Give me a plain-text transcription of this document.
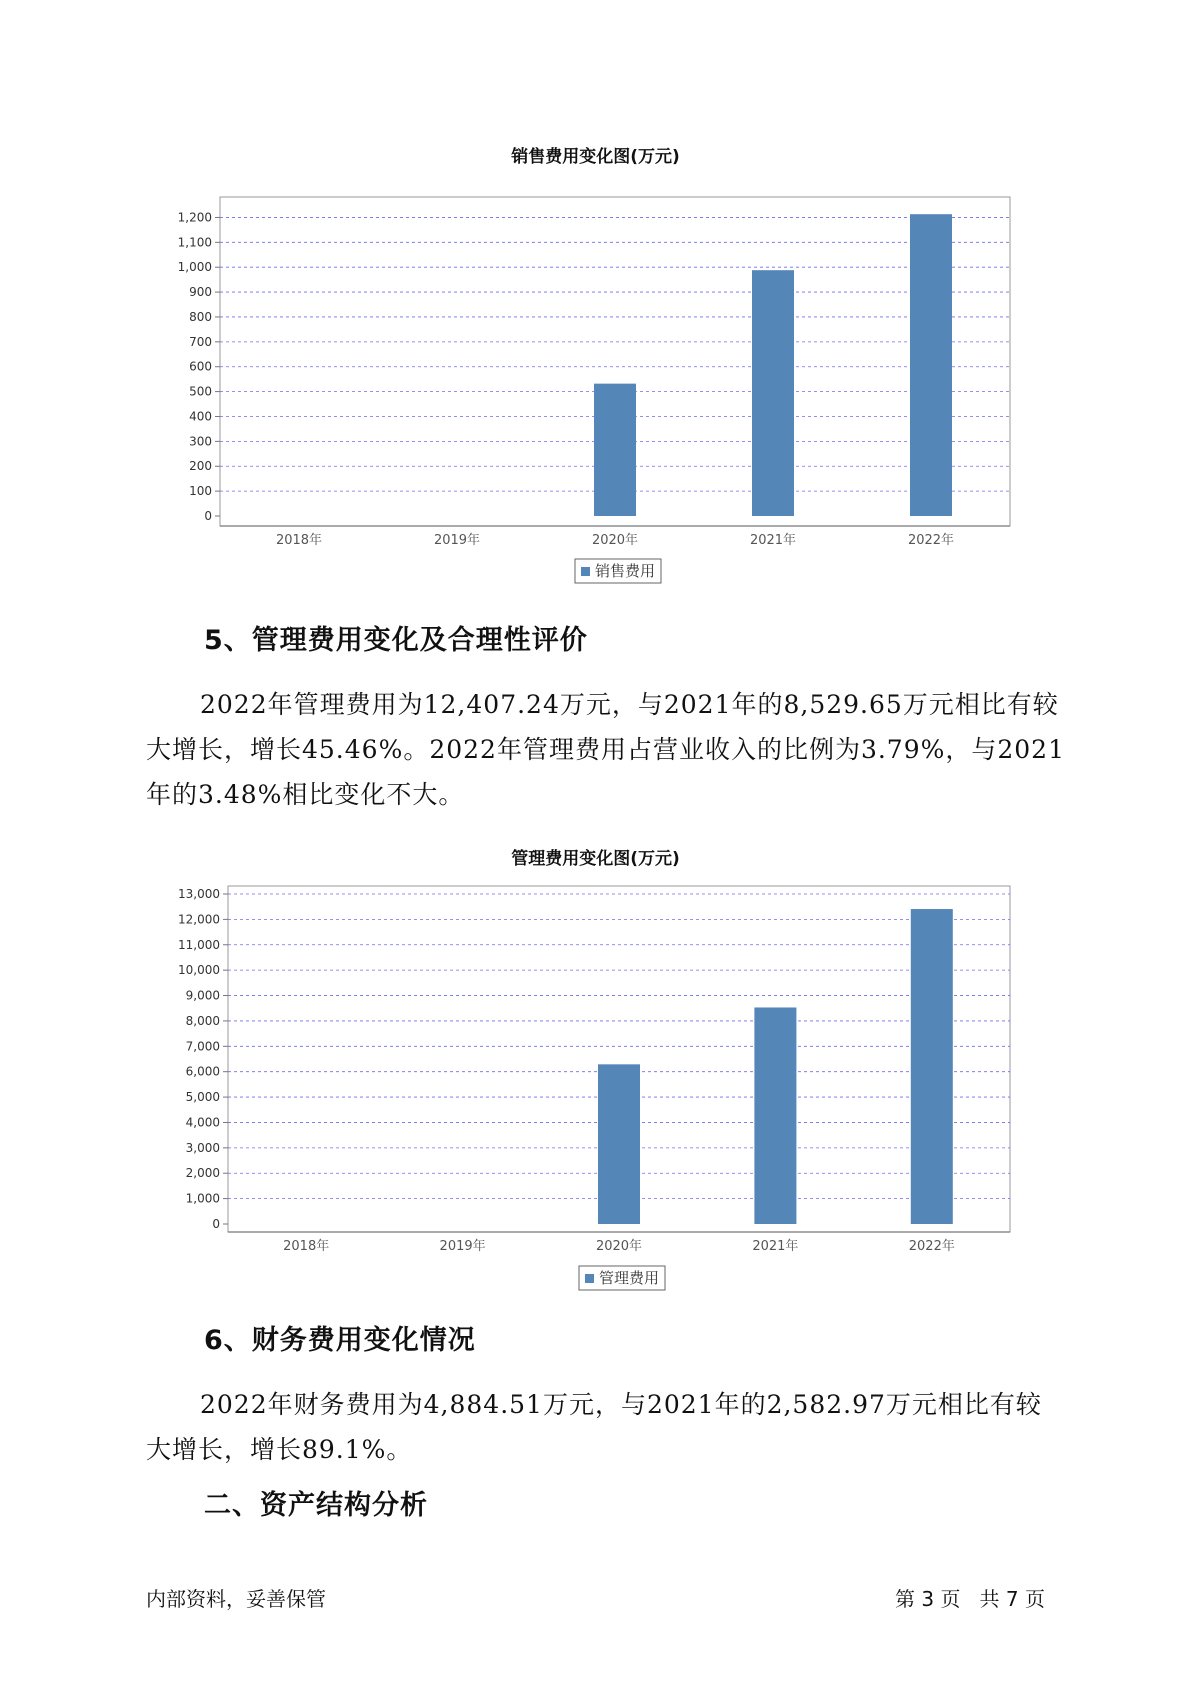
销售费用变化图(万元)
0
100
200
300
400
500
600
700
800
900
1,000
1,100
1,200
2018年	2019年	2020年	2021年	2022年
销售费用
5、管理费用变化及合理性评价
2022年管理费用为12,407.24万元，与2021年的8,529.65万元相比有较
大增长，增长45.46%。2022年管理费用占营业收入的比例为3.79%，与2021
年的3.48%相比变化不大。
管理费用变化图(万元)
0
1,000
2,000
3,000
4,000
5,000
6,000
7,000
8,000
9,000
10,000
11,000
12,000
13,000
2018年	2019年	2020年	2021年	2022年
管理费用
6、财务费用变化情况
2022年财务费用为4,884.51万元，与2021年的2,582.97万元相比有较
大增长，增长89.1%。
二、资产结构分析
内部资料，妥善保管	第 3 页   共 7 页
